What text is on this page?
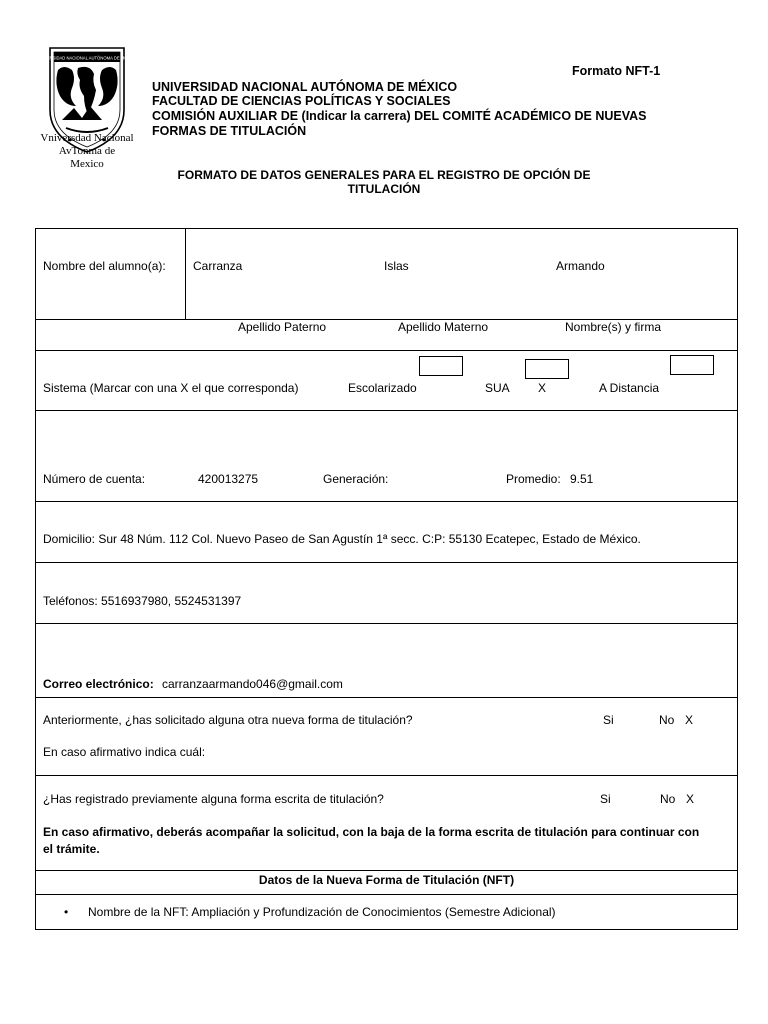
UNIVERSIDAD NACIONAL AUTÓNOMA DE MÉXICO
Vniversdad Nacional
AvTonma de
Mexico
Formato NFT-1
UNIVERSIDAD NACIONAL AUTÓNOMA DE MÉXICO
FACULTAD DE CIENCIAS POLÍTICAS Y SOCIALES
COMISIÓN AUXILIAR DE (Indicar la carrera) DEL COMITÉ ACADÉMICO DE NUEVAS
FORMAS DE TITULACIÓN
FORMATO DE DATOS GENERALES PARA EL REGISTRO DE OPCIÓN DE
TITULACIÓN
Nombre del alumno(a): Carranza	Islas	Armando
Apellido Paterno	Apellido Materno	Nombre(s) y firma
Sistema (Marcar con una X el que corresponda)	Escolarizado	SUA X	A Distancia
Número de cuenta:	420013275	Generación:	Promedio: 9.51
Domicilio: Sur 48 Núm. 112 Col. Nuevo Paseo de San Agustín 1ª secc. C:P: 55130 Ecatepec, Estado de México.
Teléfonos: 5516937980, 5524531397
Correo electrónico: carranzaarmando046@gmail.com
Anteriormente, ¿has solicitado alguna otra nueva forma de titulación?	Si	No X
En caso afirmativo indica cuál:
¿Has registrado previamente alguna forma escrita de titulación?	Si	No X
En caso afirmativo, deberás acompañar la solicitud, con la baja de la forma escrita de titulación para continuar con
el trámite.
Datos de la Nueva Forma de Titulación (NFT)
• Nombre de la NFT: Ampliación y Profundización de Conocimientos (Semestre Adicional)
